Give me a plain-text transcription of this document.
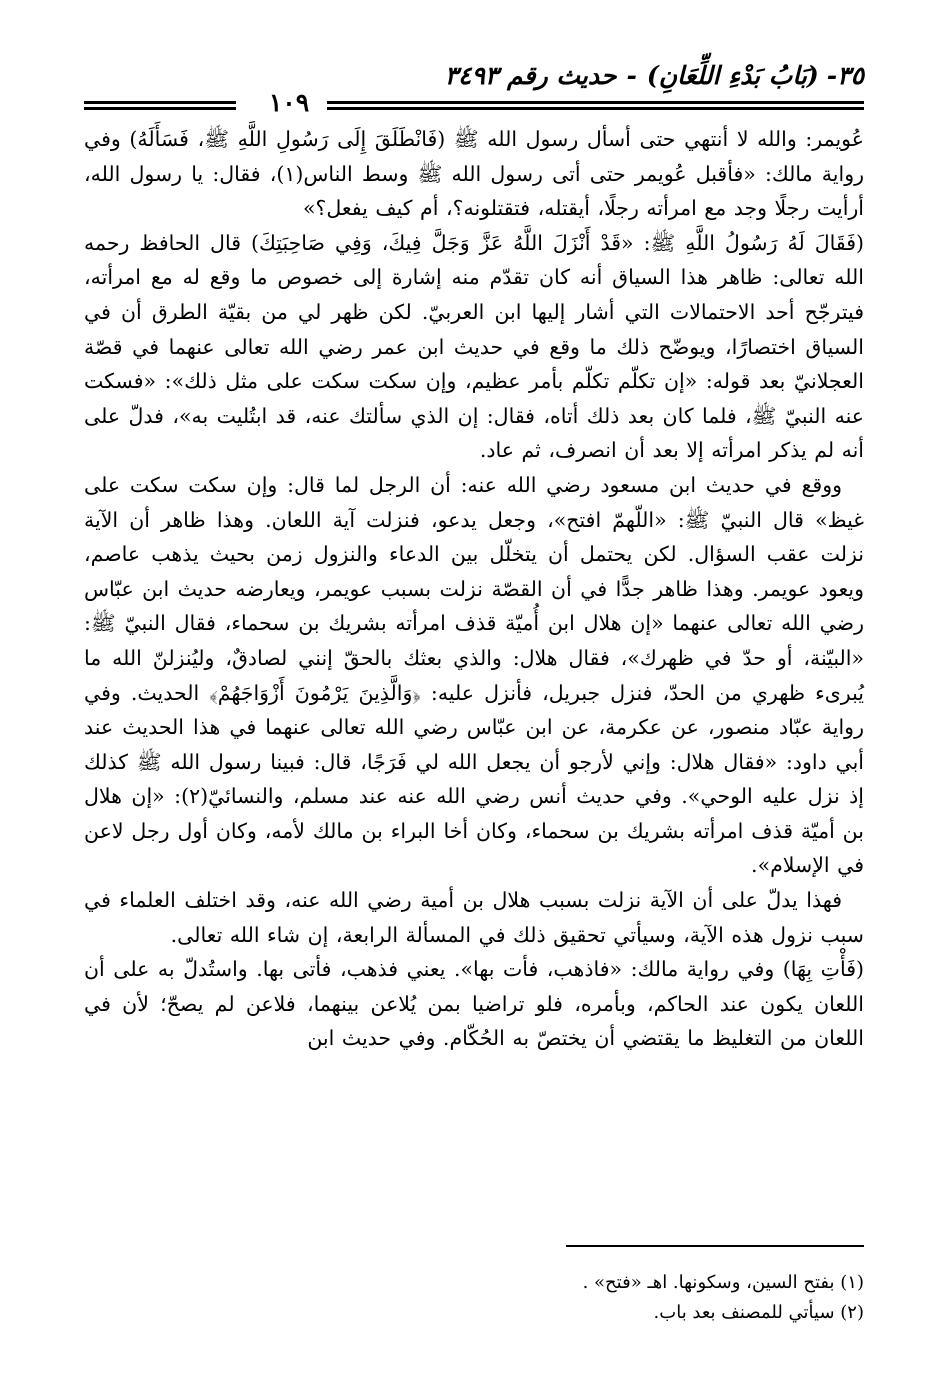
٣٥-
(بَابُ بَدْءِ اللِّعَانِ)
-
حديث رقم ٣٤٩٣
١٠٩

عُويمر: والله لا أنتهي حتى أسأل رسول الله ﷺ (فَانْطَلَقَ إِلَى رَسُولِ اللَّهِ ﷺ، فَسَأَلَهُ) وفي رواية مالك: «فأقبل عُويمر حتى أتى رسول الله ﷺ وسط الناس(١)، فقال: يا رسول الله، أرأيت رجلًا وجد مع امرأته رجلًا، أيقتله، فتقتلونه؟، أم كيف يفعل؟»

(فَقَالَ لَهُ رَسُولُ اللَّهِ ﷺ: «قَدْ أَنْزَلَ اللَّهُ عَزَّ وَجَلَّ فِيكَ، وَفِي صَاحِبَتِكَ) قال الحافظ رحمه الله تعالى: ظاهر هذا السياق أنه كان تقدّم منه إشارة إلى خصوص ما وقع له مع امرأته، فيترجّح أحد الاحتمالات التي أشار إليها ابن العربيّ. لكن ظهر لي من بقيّة الطرق أن في السياق اختصارًا، ويوضّح ذلك ما وقع في حديث ابن عمر رضي الله تعالى عنهما في قصّة العجلانيّ بعد قوله: «إن تكلّم تكلّم بأمر عظيم، وإن سكت سكت على مثل ذلك»: «فسكت عنه النبيّ ﷺ، فلما كان بعد ذلك أتاه، فقال: إن الذي سألتك عنه، قد ابتُليت به»، فدلّ على أنه لم يذكر امرأته إلا بعد أن انصرف، ثم عاد.

ووقع في حديث ابن مسعود رضي الله عنه: أن الرجل لما قال: وإن سكت سكت على غيظ» قال النبيّ ﷺ: «اللّهمّ افتح»، وجعل يدعو، فنزلت آية اللعان. وهذا ظاهر أن الآية نزلت عقب السؤال. لكن يحتمل أن يتخلّل بين الدعاء والنزول زمن بحيث يذهب عاصم، ويعود عويمر. وهذا ظاهر جدًّا في أن القصّة نزلت بسبب عويمر، ويعارضه حديث ابن عبّاس رضي الله تعالى عنهما «إن هلال ابن أُميّة قذف امرأته بشريك بن سحماء، فقال النبيّ ﷺ: «البيّنة، أو حدّ في ظهرك»، فقال هلال: والذي بعثك بالحقّ إنني لصادقٌ، وليُنزلنّ الله ما يُبرىء ظهري من الحدّ، فنزل جبريل، فأنزل عليه: ﴿وَالَّذِينَ يَرْمُونَ أَزْوَاجَهُمْ﴾ الحديث. وفي رواية عبّاد منصور، عن عكرمة، عن ابن عبّاس رضي الله تعالى عنهما في هذا الحديث عند أبي داود: «فقال هلال: وإني لأرجو أن يجعل الله لي فَرَجًا، قال: فبينا رسول الله ﷺ كذلك إذ نزل عليه الوحي». وفي حديث أنس رضي الله عنه عند مسلم، والنسائيّ(٢): «إن هلال بن أميّة قذف امرأته بشريك بن سحماء، وكان أخا البراء بن مالك لأمه، وكان أول رجل لاعن في الإسلام».

فهذا يدلّ على أن الآية نزلت بسبب هلال بن أمية رضي الله عنه، وقد اختلف العلماء في سبب نزول هذه الآية، وسيأتي تحقيق ذلك في المسألة الرابعة، إن شاء الله تعالى.

(فَأْتِ بِهَا) وفي رواية مالك: «فاذهب، فأت بها». يعني فذهب، فأتى بها. واستُدلّ به على أن اللعان يكون عند الحاكم، وبأمره، فلو تراضيا بمن يُلاعن بينهما، فلاعن لم يصحّ؛ لأن في اللعان من التغليظ ما يقتضي أن يختصّ به الحُكّام. وفي حديث ابن

(١) بفتح السين، وسكونها. اهـ «فتح» .
(٢) سيأتي للمصنف بعد باب.
